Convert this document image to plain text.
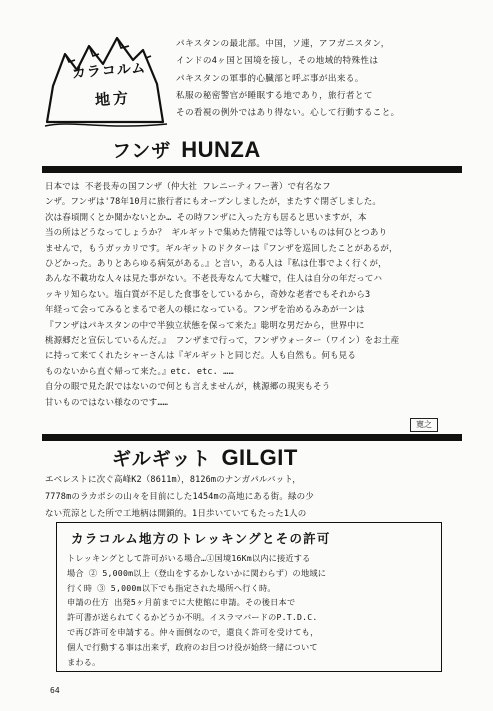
カラコルム
地方
パキスタンの最北部。中国，ソ連，アフガニスタン，
インドの4ヶ国と国境を接し，その地域的特殊性は
パキスタンの軍事的心臓部と呼ぶ事が出来る。
私服の秘密警官が睡眠する地であり，旅行者とて
その看視の例外ではあり得ない。心して行動すること。
フンザ HUNZA
日本では 不老長寿の国フンザ（仲大社 フレニーティフー著）で有名なフ
ンザ。フンザは'78年10月に旅行者にもオープンしましたが，またすぐ閉ざしました。
次は春頃開くとか聞かないとか… その時フンザに入った方も居ると思いますが，本
当の所はどうなってしょうか？ ギルギットで集めた情報では等しいものは何ひとつあり
ませんで，もうガッカリです。ギルギットのドクターは『フンザを巡回したことがあるが，
ひどかった。ありとあらゆる病気がある。』と言い，ある人は『私は仕事でよく行くが，
あんな不載功な人々は見た事がない。不老長寿なんて大嘘で，住人は自分の年だってハ
ッキリ知らない。塩白質が不足した食事をしているから，奇妙な老者でもそれから3
年経って会ってみるとまるで老人の様になっている。フンザを治めるみあが一ンは
『フンザはパキスタンの中で半独立状態を保って来た』聡明な男だから，世界中に
桃源郷だと宣伝しているんだ。』 フンザまで行って，フンザウォーター（ワイン）をお土産
に持って来てくれたシャーさんは『ギルギットと同じだ。人も自然も。何も見る
ものないから直ぐ帰って来た。』etc. etc. ……
自分の眼で見た訳ではないので何とも言えませんが，桃源郷の現実もそう
甘いものではない様なのです……
寛之
ギルギット GILGIT
エベレストに次ぐ高峰K2（8611m），8126mのナンガパルバット，
7778mのラカポシの山々を目前にした1454mの高地にある街。緑の少
ない荒涼とした所で工地柄は開鎖的。1日歩いていてもたった1人の
カラコルム地方のトレッキングとその許可
トレッキングとして許可がいる場合…①国境16Km以内に接近する
場合 ② 5,000m以上（登山をするかしないかに関わらず）の地域に
行く時 ③ 5,000m以下でも指定された場所へ行く時。
申請の仕方 出発5ヶ月前までに大使館に申請。その後日本で
許可書が送られてくるかどうか不明。イスラマバードのP.T.D.C.
で再び許可を申請する。仲々面倒なので，還良く許可を受けても，
個人で行動する事は出来ず，政府のお目つけ役が始終一緒について
まわる。
64
